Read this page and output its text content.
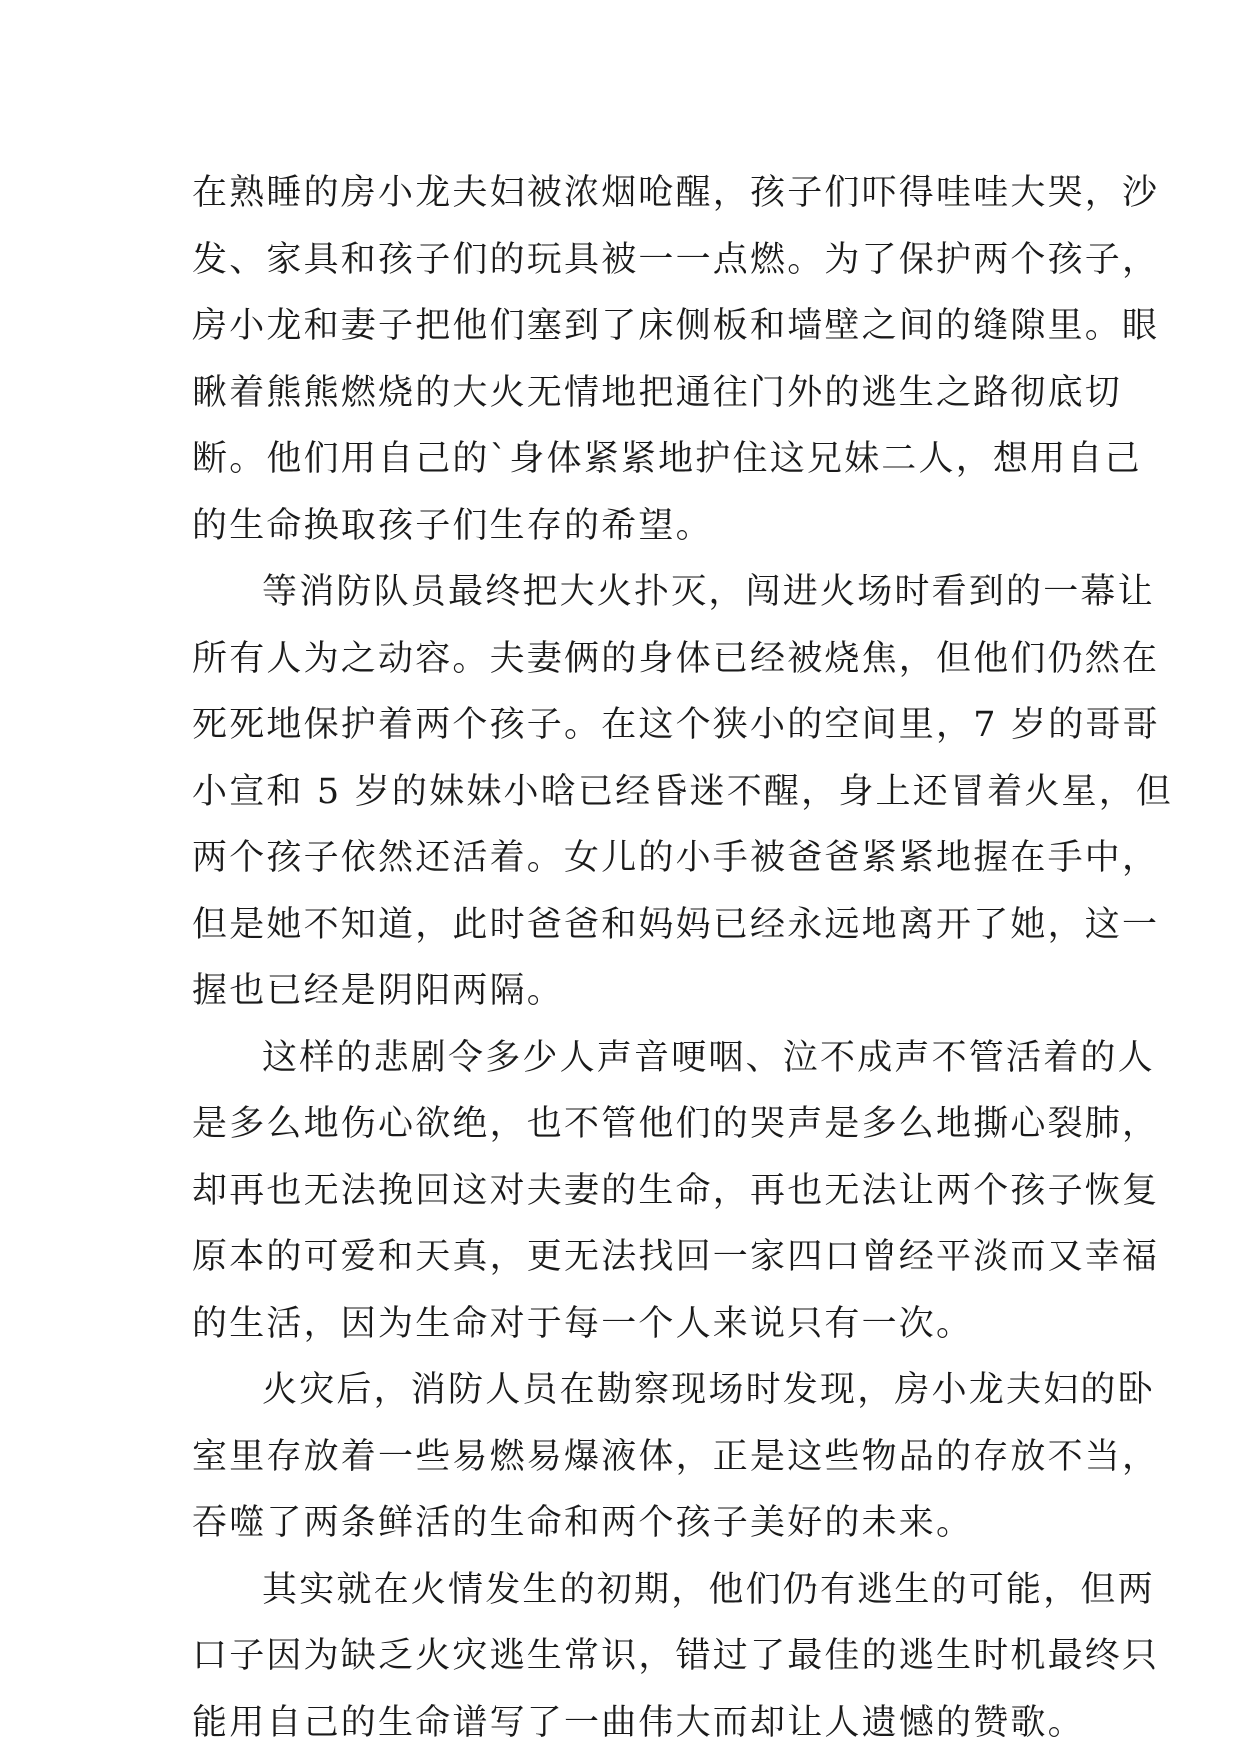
在熟睡的房小龙夫妇被浓烟呛醒，孩子们吓得哇哇大哭，沙
发、家具和孩子们的玩具被一一点燃。为了保护两个孩子，
房小龙和妻子把他们塞到了床侧板和墙壁之间的缝隙里。眼
瞅着熊熊燃烧的大火无情地把通往门外的逃生之路彻底切
断。他们用自己的`身体紧紧地护住这兄妹二人，想用自己
的生命换取孩子们生存的希望。
等消防队员最终把大火扑灭，闯进火场时看到的一幕让
所有人为之动容。夫妻俩的身体已经被烧焦，但他们仍然在
死死地保护着两个孩子。在这个狭小的空间里，7 岁的哥哥
小宣和 5 岁的妹妹小晗已经昏迷不醒，身上还冒着火星，但
两个孩子依然还活着。女儿的小手被爸爸紧紧地握在手中，
但是她不知道，此时爸爸和妈妈已经永远地离开了她，这一
握也已经是阴阳两隔。
这样的悲剧令多少人声音哽咽、泣不成声不管活着的人
是多么地伤心欲绝，也不管他们的哭声是多么地撕心裂肺，
却再也无法挽回这对夫妻的生命，再也无法让两个孩子恢复
原本的可爱和天真，更无法找回一家四口曾经平淡而又幸福
的生活，因为生命对于每一个人来说只有一次。
火灾后，消防人员在勘察现场时发现，房小龙夫妇的卧
室里存放着一些易燃易爆液体，正是这些物品的存放不当，
吞噬了两条鲜活的生命和两个孩子美好的未来。
其实就在火情发生的初期，他们仍有逃生的可能，但两
口子因为缺乏火灾逃生常识，错过了最佳的逃生时机最终只
能用自己的生命谱写了一曲伟大而却让人遗憾的赞歌。
